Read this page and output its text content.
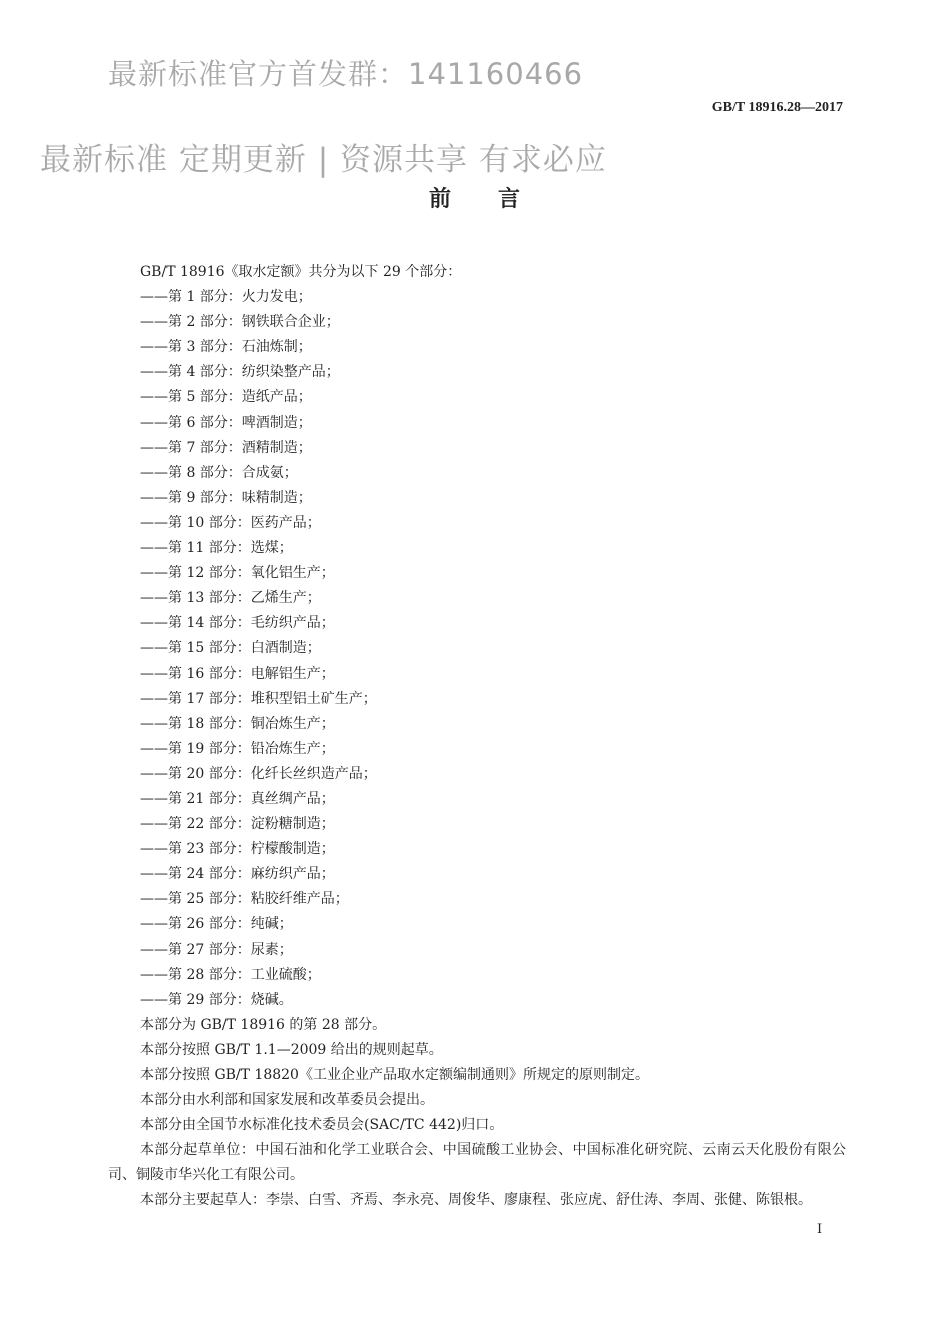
最新标准官方首发群：141160466
GB/T 18916.28—2017
最新标准 定期更新 | 资源共享 有求必应
前　　言
GB/T 18916《取水定额》共分为以下 29 个部分：
——第 1 部分：火力发电；
——第 2 部分：钢铁联合企业；
——第 3 部分：石油炼制；
——第 4 部分：纺织染整产品；
——第 5 部分：造纸产品；
——第 6 部分：啤酒制造；
——第 7 部分：酒精制造；
——第 8 部分：合成氨；
——第 9 部分：味精制造；
——第 10 部分：医药产品；
——第 11 部分：选煤；
——第 12 部分：氧化铝生产；
——第 13 部分：乙烯生产；
——第 14 部分：毛纺织产品；
——第 15 部分：白酒制造；
——第 16 部分：电解铝生产；
——第 17 部分：堆积型铝土矿生产；
——第 18 部分：铜冶炼生产；
——第 19 部分：铅冶炼生产；
——第 20 部分：化纤长丝织造产品；
——第 21 部分：真丝绸产品；
——第 22 部分：淀粉糖制造；
——第 23 部分：柠檬酸制造；
——第 24 部分：麻纺织产品；
——第 25 部分：粘胶纤维产品；
——第 26 部分：纯碱；
——第 27 部分：尿素；
——第 28 部分：工业硫酸；
——第 29 部分：烧碱。
本部分为 GB/T 18916 的第 28 部分。
本部分按照 GB/T 1.1—2009 给出的规则起草。
本部分按照 GB/T 18820《工业企业产品取水定额编制通则》所规定的原则制定。
本部分由水利部和国家发展和改革委员会提出。
本部分由全国节水标准化技术委员会(SAC/TC 442)归口。
本部分起草单位：中国石油和化学工业联合会、中国硫酸工业协会、中国标准化研究院、云南云天化股份有限公司、铜陵市华兴化工有限公司。
本部分主要起草人：李崇、白雪、齐焉、李永亮、周俊华、廖康程、张应虎、舒仕涛、李周、张健、陈银根。
I
